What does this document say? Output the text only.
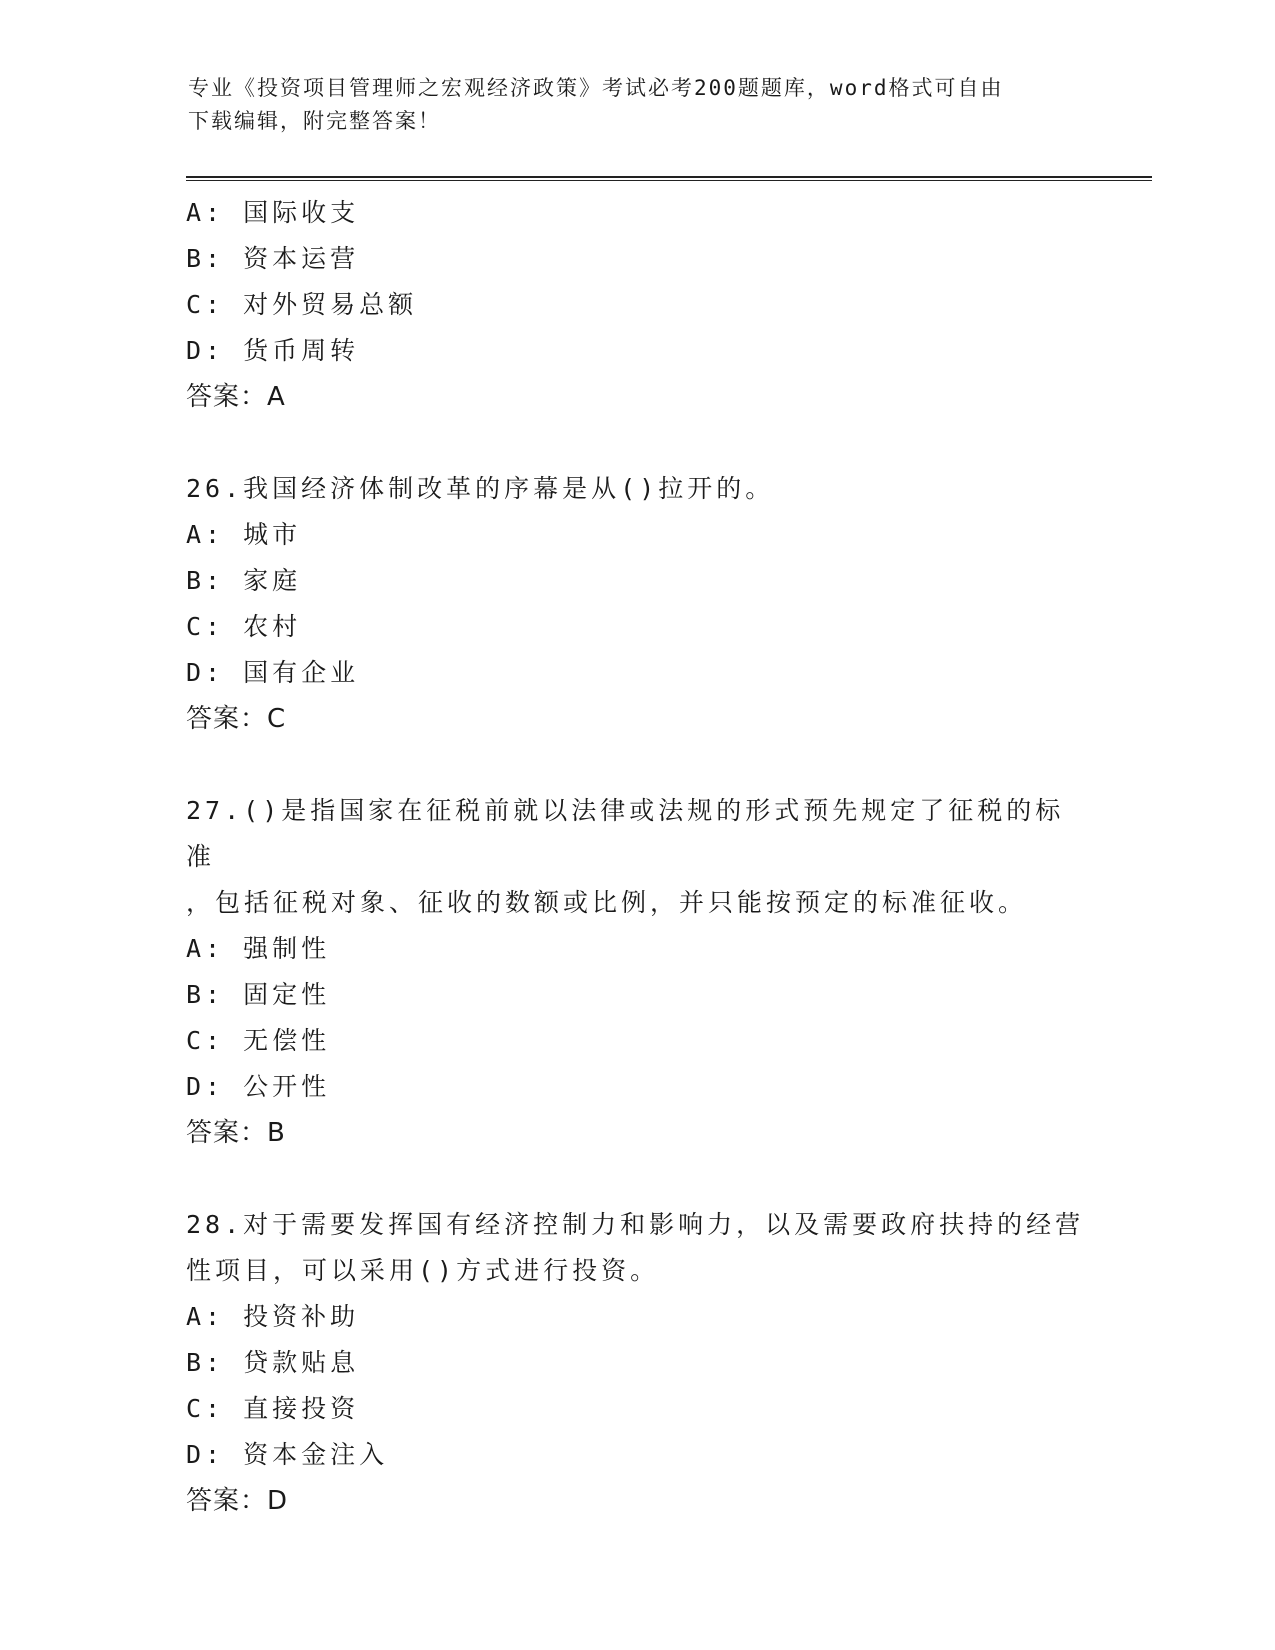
专业《投资项目管理师之宏观经济政策》考试必考200题题库，word格式可自由
下载编辑，附完整答案！
A: 国际收支
B: 资本运营
C: 对外贸易总额
D: 货币周转
答案：A
26.我国经济体制改革的序幕是从()拉开的。
A: 城市
B: 家庭
C: 农村
D: 国有企业
答案：C
27.()是指国家在征税前就以法律或法规的形式预先规定了征税的标准
，包括征税对象、征收的数额或比例，并只能按预定的标准征收。
A: 强制性
B: 固定性
C: 无偿性
D: 公开性
答案：B
28.对于需要发挥国有经济控制力和影响力，以及需要政府扶持的经营
性项目，可以采用()方式进行投资。
A: 投资补助
B: 贷款贴息
C: 直接投资
D: 资本金注入
答案：D
